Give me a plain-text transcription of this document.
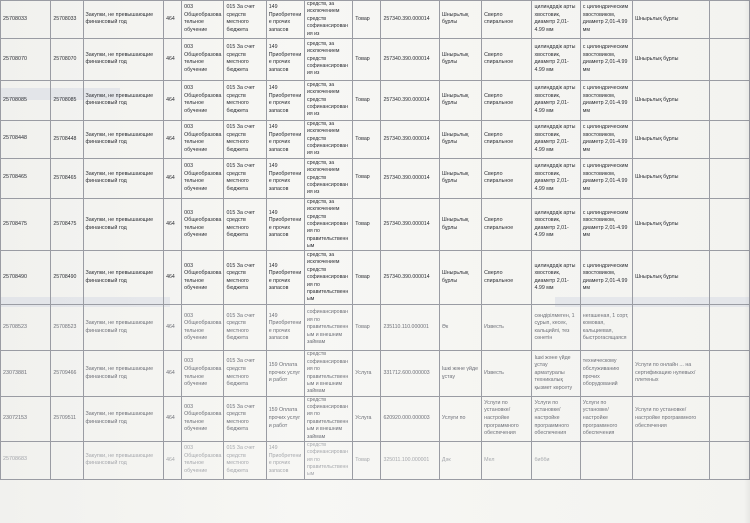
25708033	25708033	Закупки, не превышающие финансовый год	464	003 Общеобразовательное обучение	015 За счет средств местного бюджета	149 Приобретение прочих запасов	средств, за исключением средств софинансирования из	Товар	257340.390.000014	Шнырьлық бұрлы	Сверло спиральное	цилиндрдік арты хвостовик, диаметр 2,01-4.99 мм	с цилиндрическим хвостовиком, диаметр 2,01-4.99 мм	Шнырьлық бұрлы	
25708070	25708070	Закупки, не превышающие финансовый год	464	003 Общеобразовательное обучение	015 За счет средств местного бюджета	149 Приобретение прочих запасов	средств, за исключением средств софинансирования из	Товар	257340.390.000014	Шнырьлық бұрлы	Сверло спиральное	цилиндрдік арты хвостовик, диаметр 2,01-4.99 мм	с цилиндрическим хвостовиком, диаметр 2,01-4.99 мм	Шнырьлық бұрлы	
25708085	25708085	Закупки, не превышающие финансовый год	464	003 Общеобразовательное обучение	015 За счет средств местного бюджета	149 Приобретение прочих запасов	средств, за исключением средств софинансирования из	Товар	257340.390.000014	Шнырьлық бұрлы	Сверло спиральное	цилиндрдік арты хвостовик, диаметр 2,01-4.99 мм	с цилиндрическим хвостовиком, диаметр 2,01-4.99 мм	Шнырьлық бұрлы	
25708448	25708448	Закупки, не превышающие финансовый год	464	003 Общеобразовательное обучение	015 За счет средств местного бюджета	149 Приобретение прочих запасов	средств, за исключением средств софинансирования из	Товар	257340.390.000014	Шнырьлық бұрлы	Сверло спиральное	цилиндрдік арты хвостовик, диаметр 2,01-4.99 мм	с цилиндрическим хвостовиком, диаметр 2,01-4.99 мм	Шнырьлық бұрлы	
25708465	25708465	Закупки, не превышающие финансовый год	464	003 Общеобразовательное обучение	015 За счет средств местного бюджета	149 Приобретение прочих запасов	средств, за исключением средств софинансирования из	Товар	257340.390.000014	Шнырьлық бұрлы	Сверло спиральное	цилиндрдік арты хвостовик, диаметр 2,01-4.99 мм	с цилиндрическим хвостовиком, диаметр 2,01-4.99 мм	Шнырьлық бұрлы	
25708475	25708475	Закупки, не превышающие финансовый год	464	003 Общеобразовательное обучение	015 За счет средств местного бюджета	149 Приобретение прочих запасов	средств, за исключением средств софинансирования по правительственным	Товар	257340.390.000014	Шнырьлық бұрлы	Сверло спиральное	цилиндрдік арты хвостовик, диаметр 2,01-4.99 мм	с цилиндрическим хвостовиком, диаметр 2,01-4.99 мм	Шнырьлық бұрлы	
25708490	25708490	Закупки, не превышающие финансовый год	464	003 Общеобразовательное обучение	015 За счет средств местного бюджета	149 Приобретение прочих запасов	средств, за исключением средств софинансирования по правительственным	Товар	257340.390.000014	Шнырьлық бұрлы	Сверло спиральное	цилиндрдік арты хвостовик, диаметр 2,01-4.99 мм	с цилиндрическим хвостовиком, диаметр 2,01-4.99 мм	Шнырьлық бұрлы	
25708523	25708523	Закупки, не превышающие финансовый год	464	003 Общеобразовательное обучение	015 За счет средств местного бюджета	149 Приобретение прочих запасов	софинансирования по правительственным и внешним займам	Товар	235110.110.000001	Әк	Известь	сөндірілмеген, 1 сұрып, кесек, кальцийлі, тез сөнетін	негашеная, 1 сорт, комовая, кальциевая, быстрогасящаяся		
23073881	25709466	Закупки, не превышающие финансовый год	464	003 Общеобразовательное обучение	015 За счет средств местного бюджета	159 Оплата прочих услуг и работ	средств софинансирования по правительственным и внешним займам	Услуга	331712.600.000003	Ішкі және үйде ұстау	Известь	Ішкі және үйде ұстау арматуралы техникалық қызмет көрсету	техническому обслуживанию прочих оборудований	Услуги по онлайн ... на сертификацию нулевых/плетеных	
23072153	25709511	Закупки, не превышающие финансовый год	464	003 Общеобразовательное обучение	015 За счет средств местного бюджета	159 Оплата прочих услуг и работ	средств софинансирования по правительственным и внешним займам	Услуга	620920.000.000003	Услуги по	Услуги по установке/настройке программного обеспечения	Услуги по установке/настройке программного обеспечения	Услуги по установке/настройке программного обеспечения	Услуги по установке/настройке программного обеспечения	
25708683		Закупки, не превышающие финансовый год	464	003 Общеобразовательное обучение	015 За счет средств местного бюджета	149 Приобретение прочих запасов	средств софинансирования по правительственным	Товар	325011.100.000001	Дәк	Мел	бибби			
